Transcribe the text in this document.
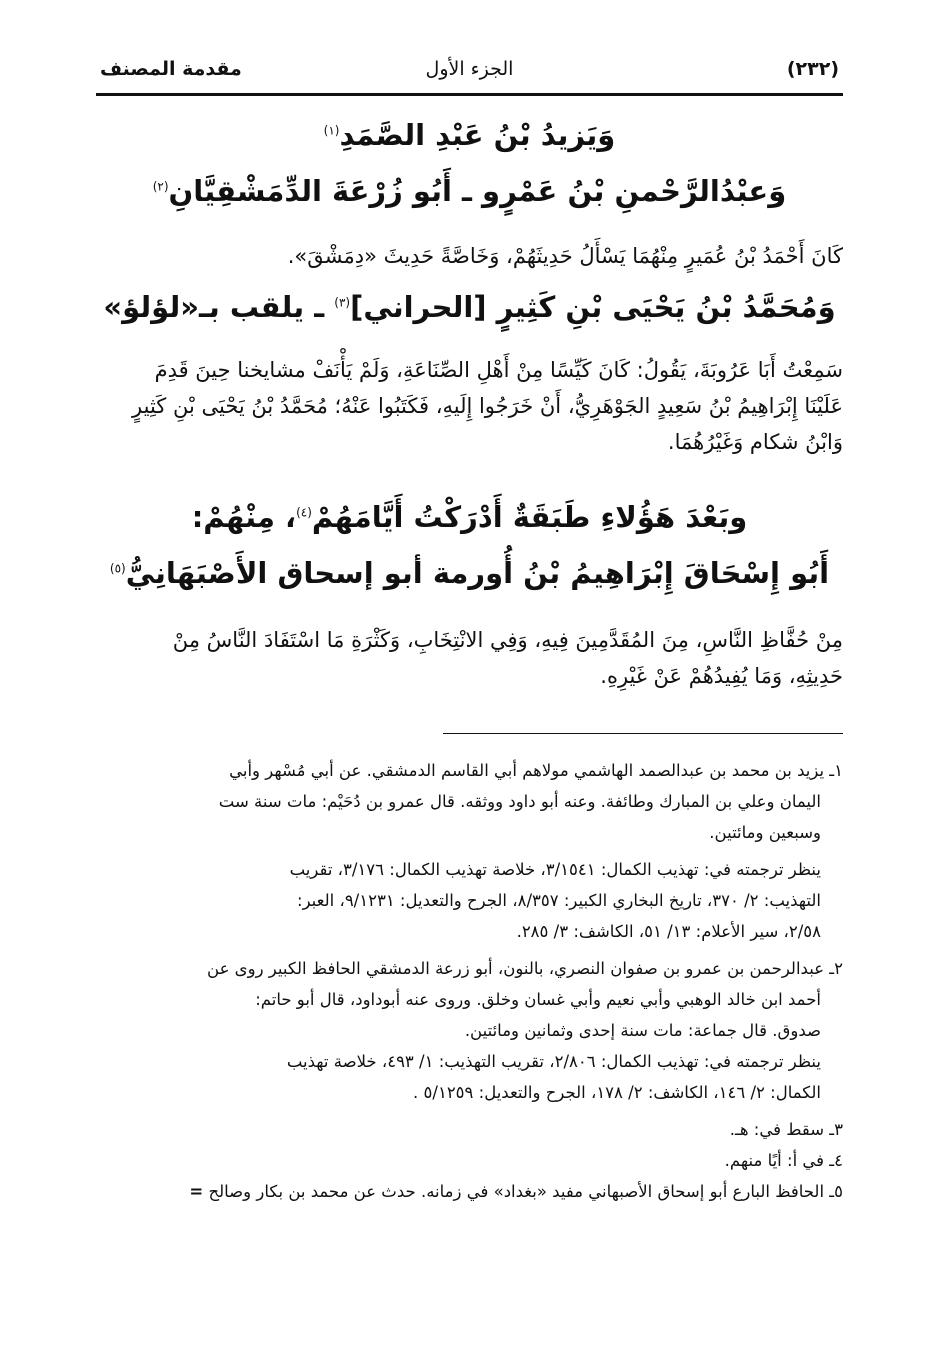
( ٢٣٢ )
الجزء الأول
مقدمة المصنف
وَيَزيدُ بْنُ عَبْدِ الصَّمَدِ$^{(١)}$
وَعبْدُالرَّحْمنِ بْنُ عَمْرٍو ـ أَبُو زُرْعَةَ الدِّمَشْقِيَّانِ$^{(٢)}$
كَانَ أَحْمَدُ بْنُ عُمَيرٍ مِنْهُمَا يَسْأَلُ حَدِيثَهُمْ، وَخَاصَّةً حَدِيثَ «دِمَشْقَ».
وَمُحَمَّدُ بْنُ يَحْيَى بْنِ كَثِيرٍ [الحراني]$^{(٣)}$ ـ يلقب بـ«لؤلؤ»
سَمِعْتُ أَبَا عَرُوبَةَ، يَقُولُ: كَانَ كَيِّسًا مِنْ أَهْلِ الصِّنَاعَةِ، وَلَمْ يَأْنَفْ مشايخنا حِينَ قَدِمَ
عَلَيْنَا إِبْرَاهِيمُ بْنُ سَعِيدٍ الجَوْهَرِيُّ، أَنْ خَرَجُوا إِلَيهِ، فَكَتَبُوا عَنْهُ؛ مُحَمَّدُ بْنُ يَحْيَى بْنِ كَثِيرٍ
وَابْنُ شكام وَغَيْرُهُمَا.
وبَعْدَ هَؤُلاءِ طَبَقَةٌ أَدْرَكْتُ أَيَّامَهُمْ$^{(٤)}$، مِنْهُمْ:
أَبُو إِسْحَاقَ إِبْرَاهِيمُ بْنُ أُورمة أبو إسحاق الأَصْبَهَانِيُّ$^{(٥)}$
مِنْ حُفَّاظِ النَّاسِ، مِنَ المُقَدَّمِينَ فِيهِ، وَفِي الانْتِخَابِ، وَكَثْرَةِ مَا اسْتَفَادَ النَّاسُ مِنْ
حَدِيثِهِ، وَمَا يُفِيدُهُمْ عَنْ غَيْرِهِ.
١ـ يزيد بن محمد بن عبدالصمد الهاشمي مولاهم أبي القاسم الدمشقي. عن أبي مُسْهر وأبي
اليمان وعلي بن المبارك وطائفة. وعنه أبو داود ووثقه. قال عمرو بن دُحَيْم: مات سنة ست
وسبعين ومائتين.
ينظر ترجمته في: تهذيب الكمال: ٣/١٥٤١، خلاصة تهذيب الكمال: ٣/١٧٦، تقريب
التهذيب: ٢/ ٣٧٠، تاريخ البخاري الكبير: ٨/٣٥٧، الجرح والتعديل: ٩/١٢٣١، العبر:
٢/٥٨، سير الأعلام: ١٣/ ٥١، الكاشف: ٣/ ٢٨٥.
٢ـ عبدالرحمن بن عمرو بن صفوان النصري، بالنون، أبو زرعة الدمشقي الحافظ الكبير روى عن
أحمد ابن خالد الوهبي وأبي نعيم وأبي غسان وخلق. وروى عنه أبوداود، قال أبو حاتم:
صدوق. قال جماعة: مات سنة إحدى وثمانين ومائتين.
ينظر ترجمته في: تهذيب الكمال: ٢/٨٠٦، تقريب التهذيب: ١/ ٤٩٣، خلاصة تهذيب
الكمال: ٢/ ١٤٦، الكاشف: ٢/ ١٧٨، الجرح والتعديل: ٥/١٢٥٩ .
٣ـ سقط في: هـ.
٤ـ في أ: أيًا منهم.
٥ـ الحافظ البارع أبو إسحاق الأصبهاني مفيد «بغداد» في زمانه. حدث عن محمد بن بكار وصالح =
